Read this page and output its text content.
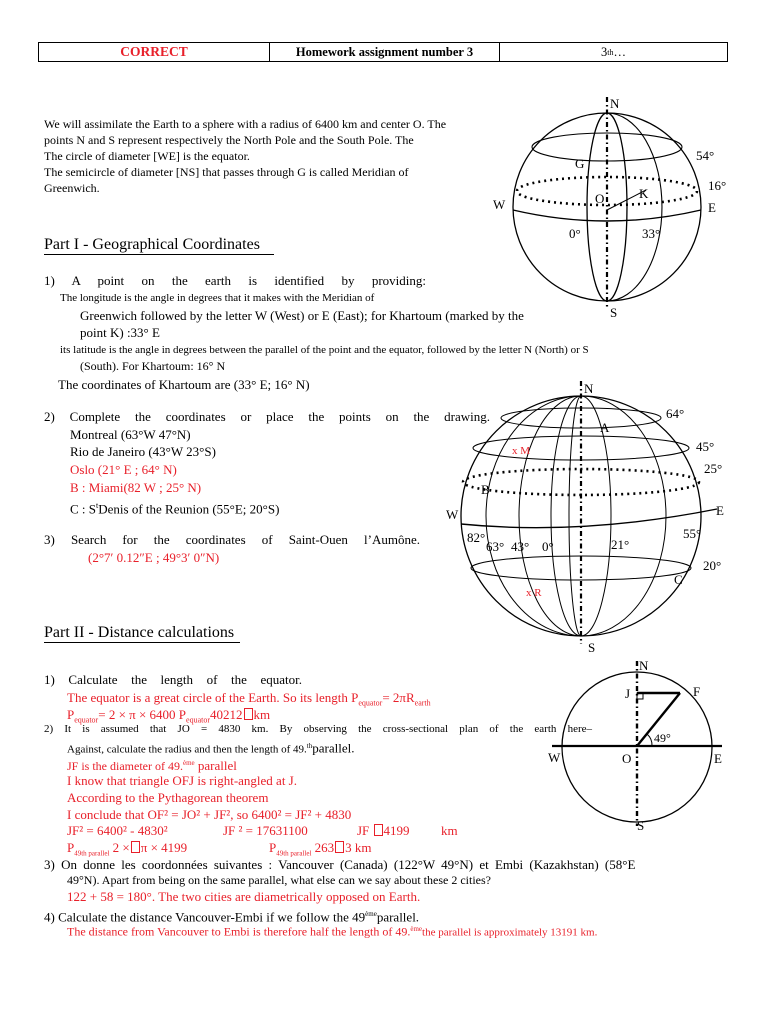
CORRECT	Homework assignment number 3	3 th …
We will assimilate the Earth to a sphere with a radius of 6400 km and center O. The
points N and S represent respectively the North Pole and the South Pole. The
The circle of diameter [WE] is the equator.
The semicircle of diameter [NS] that passes through G is called Meridian of
Greenwich.
Part I - Geographical Coordinates
1) A point on the earth is identified by providing:
The longitude is the angle in degrees that it makes with the Meridian of
Greenwich followed by the letter W (West) or E (East); for Khartoum (marked by the
point K) :33° E
its latitude is the angle in degrees between the parallel of the point and the equator, followed by the letter N (North) or S
(South). For Khartoum: 16° N
The coordinates of Khartoum are (33° E; 16° N)
2) Complete the coordinates or place the points on the drawing.
Montreal (63°W 47°N)
Rio de Janeiro (43°W 23°S)
Oslo (21° E ; 64° N)
B : Miami(82 W ; 25° N)
C : $S^tDenis$ of the Reunion (55°E; 20°S)
3) Search for the coordinates of Saint-Ouen l’Aumône.
(2°7′ 0.12″E ; 49°3′ 0″N)
Part II - Distance calculations
1) Calculate the length of the equator.
The equator is a great circle of the Earth. So its length $P_{equator}= 2\pi R_{earth}$
$P_{equator}= 2 \times \pi \times 6400$ $P_{equator}40212$ km
2) It is assumed that JO = 4830 km. By observing the cross-sectional plan of the earth here–
Against, calculate the radius and then the length of 49.$^{th}$parallel.
JF is the diameter of 49.$^{ème}$ parallel
I know that triangle OFJ is right-angled at J.
According to the Pythagorean theorem
I conclude that OF² = JO² + JF², so 6400² = JF² + 4830
JF² = 6400² - 4830²	JF ² = 17631100	JF 4199 km
$P_{49th parallel}$ 2 × π × 4199	$P_{49th parallel}$ 263 3 km
3) On donne les coordonnées suivantes : Vancouver (Canada) (122°W 49°N) et Embi (Kazakhstan) (58°E
49°N). Apart from being on the same parallel, what else can we say about these 2 cities?
122 + 58 = 180°. The two cities are diametrically opposed on Earth.
4) Calculate the distance Vancouver-Embi if we follow the 49èmeparallel.
The distance from Vancouver to Embi is therefore half the length of 49.$^{ème}$the parallel is approximately 13191 km.
N
S
W	E
G
O	K
54°
16°
0°	33°
N
S
W	E
A
B
C
x M
x R
64°
45°
25°
55°
20°
82°
63° 43° 0°	21°
N
S
W	E
J	F
O
49°
